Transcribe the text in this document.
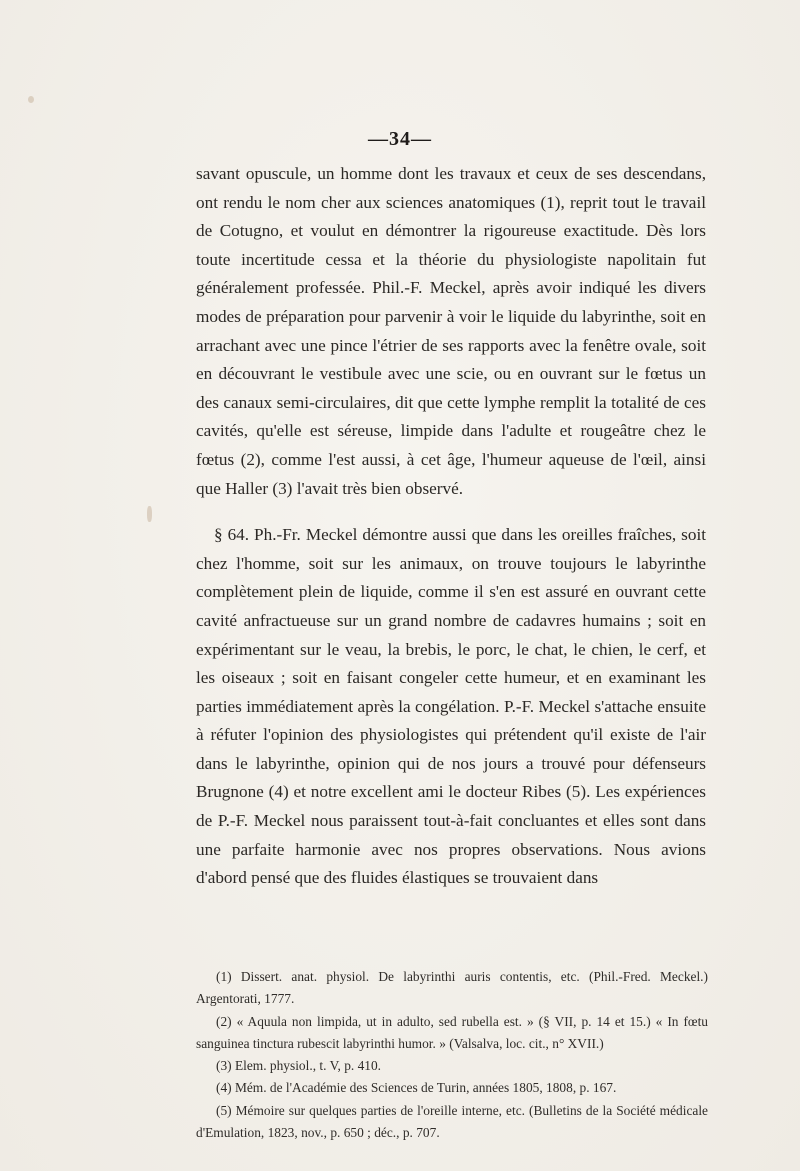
—34—

savant opuscule, un homme dont les travaux et ceux de ses descendans, ont rendu le nom cher aux sciences anatomiques (1), reprit tout le travail de Cotugno, et voulut en démontrer la rigoureuse exactitude. Dès lors toute incertitude cessa et la théorie du physiologiste napolitain fut généralement professée. Phil.-F. Meckel, après avoir indiqué les divers modes de préparation pour parvenir à voir le liquide du labyrinthe, soit en arrachant avec une pince l'étrier de ses rapports avec la fenêtre ovale, soit en découvrant le vestibule avec une scie, ou en ouvrant sur le fœtus un des canaux semi-circulaires, dit que cette lymphe remplit la totalité de ces cavités, qu'elle est séreuse, limpide dans l'adulte et rougeâtre chez le fœtus (2), comme l'est aussi, à cet âge, l'humeur aqueuse de l'œil, ainsi que Haller (3) l'avait très bien observé.

§ 64. Ph.-Fr. Meckel démontre aussi que dans les oreilles fraîches, soit chez l'homme, soit sur les animaux, on trouve toujours le labyrinthe complètement plein de liquide, comme il s'en est assuré en ouvrant cette cavité anfractueuse sur un grand nombre de cadavres humains ; soit en expérimentant sur le veau, la brebis, le porc, le chat, le chien, le cerf, et les oiseaux ; soit en faisant congeler cette humeur, et en examinant les parties immédiatement après la congélation. P.-F. Meckel s'attache ensuite à réfuter l'opinion des physiologistes qui prétendent qu'il existe de l'air dans le labyrinthe, opinion qui de nos jours a trouvé pour défenseurs Brugnone (4) et notre excellent ami le docteur Ribes (5). Les expériences de P.-F. Meckel nous paraissent tout-à-fait concluantes et elles sont dans une parfaite harmonie avec nos propres observations. Nous avions d'abord pensé que des fluides élastiques se trouvaient dans

(1) Dissert. anat. physiol. De labyrinthi auris contentis, etc. (Phil.-Fred. Meckel.) Argentorati, 1777.

(2) « Aquula non limpida, ut in adulto, sed rubella est. » (§ VII, p. 14 et 15.) « In fœtu sanguinea tinctura rubescit labyrinthi humor. » (Valsalva, loc. cit., n° XVII.)

(3) Elem. physiol., t. V, p. 410.

(4) Mém. de l'Académie des Sciences de Turin, années 1805, 1808, p. 167.

(5) Mémoire sur quelques parties de l'oreille interne, etc. (Bulletins de la Société médicale d'Emulation, 1823, nov., p. 650 ; déc., p. 707.
